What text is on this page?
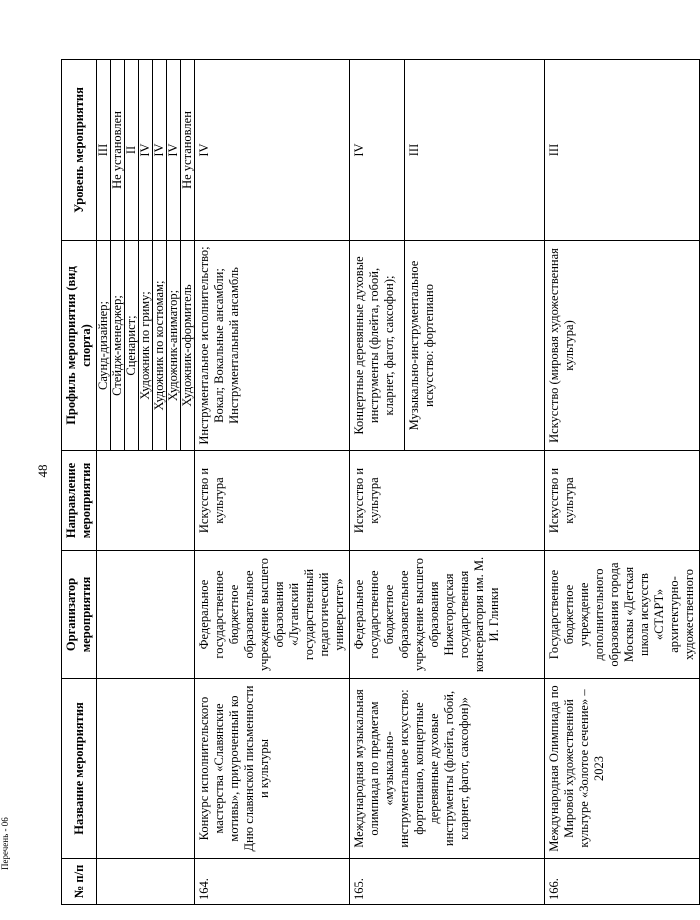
48
Перечень - 06
№ п/п	Название мероприятия	Организатор мероприятия	Направление мероприятия	Профиль мероприятия (вид спорта)	Уровень мероприятия
				Саунд-дизайнер;	III
				Стейдж-менеджер;	Не установлен
				Сценарист;	II
				Художник по гриму;	IV
				Художник по костюмам;	IV
				Художник-аниматор;	IV
				Художник-оформитель	Не установлен
164.	Конкурс исполнительского мастерства «Славянские мотивы», приуроченный ко Дню славянской письменности и культуры	Федеральное государственное бюджетное образовательное учреждение высшего образования «Луганский государственный педагогический университет»	Искусство и культура	Инструментальное исполнительство; Вокал; Вокальные ансамбли; Инструментальный ансамбль	IV
165.	Международная музыкальная олимпиада по предметам «музыкально-инструментальное искусство: фортепиано, концертные деревянные духовые инструменты (флейта, гобой, кларнет, фагот, саксофон)»	Федеральное государственное бюджетное образовательное учреждение высшего образования Нижегородская государственная консерватория им. М. И. Глинки	Искусство и культура	Концертные деревянные духовые инструменты (флейта, гобой, кларнет, фагот, саксофон);	IV
				Музыкально-инструментальное искусство: фортепиано	III
166.	Международная Олимпиада по Мировой художественной культуре «Золотое сечение» – 2023	Государственное бюджетное учреждение дополнительного образования города Москвы «Детская школа искусств «СТАРТ» архитектурно-художественного	Искусство и культура	Искусство (мировая художественная культура)	III
